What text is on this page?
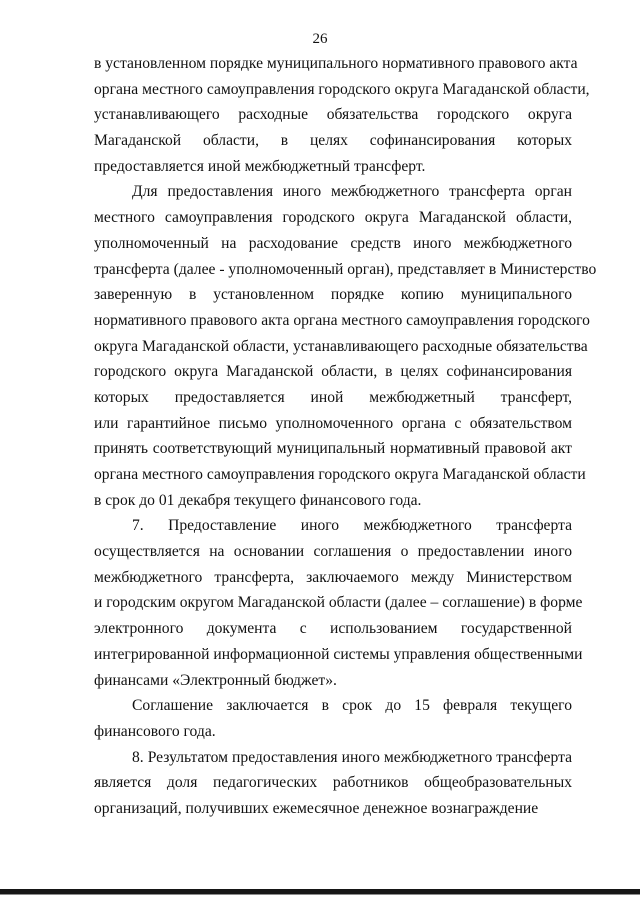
26
в установленном порядке муниципального нормативного правового акта
органа местного самоуправления городского округа Магаданской области,
устанавливающего расходные обязательства городского округа
Магаданской области, в целях софинансирования которых
предоставляется иной межбюджетный трансферт.
Для предоставления иного межбюджетного трансферта орган
местного самоуправления городского округа Магаданской области,
уполномоченный на расходование средств иного межбюджетного
трансферта (далее - уполномоченный орган), представляет в Министерство
заверенную в установленном порядке копию муниципального
нормативного правового акта органа местного самоуправления городского
округа Магаданской области, устанавливающего расходные обязательства
городского округа Магаданской области, в целях софинансирования
которых предоставляется иной межбюджетный трансферт,
или гарантийное письмо уполномоченного органа с обязательством
принять соответствующий муниципальный нормативный правовой акт
органа местного самоуправления городского округа Магаданской области
в срок до 01 декабря текущего финансового года.
7. Предоставление иного межбюджетного трансферта
осуществляется на основании соглашения о предоставлении иного
межбюджетного трансферта, заключаемого между Министерством
и городским округом Магаданской области (далее – соглашение) в форме
электронного документа с использованием государственной
интегрированной информационной системы управления общественными
финансами «Электронный бюджет».
Соглашение заключается в срок до 15 февраля текущего
финансового года.
8. Результатом предоставления иного межбюджетного трансферта
является доля педагогических работников общеобразовательных
организаций, получивших ежемесячное денежное вознаграждение
